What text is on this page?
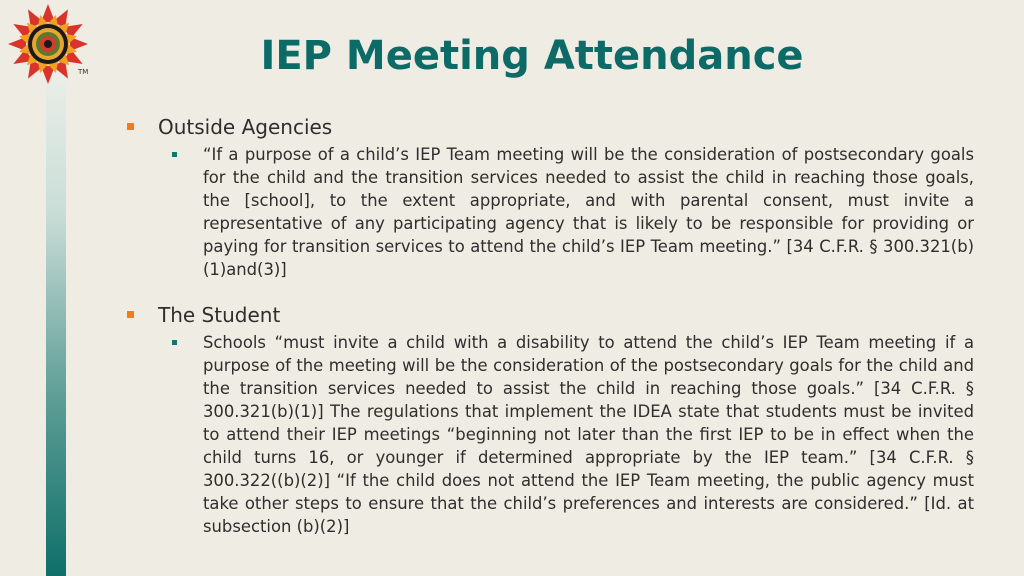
TM	IEP Meeting Attendance
Outside Agencies
“If a purpose of a child’s IEP Team meeting will be the consideration of postsecondary goals for the child and the transition services needed to assist the child in reaching those goals, the [school], to the extent appropriate, and with parental consent, must invite a representative of any participating agency that is likely to be responsible for providing or paying for transition services to attend the child’s IEP Team meeting.” [34 C.F.R. § 300.321(b)(1)and(3)]
The Student
Schools “must invite a child with a disability to attend the child’s IEP Team meeting if a purpose of the meeting will be the consideration of the postsecondary goals for the child and the transition services needed to assist the child in reaching those goals.” [34 C.F.R. § 300.321(b)(1)] The regulations that implement the IDEA state that students must be invited to attend their IEP meetings “beginning not later than the first IEP to be in effect when the child turns 16, or younger if determined appropriate by the IEP team.” [34 C.F.R. § 300.322((b)(2)] “If the child does not attend the IEP Team meeting, the public agency must take other steps to ensure that the child’s preferences and interests are considered.” [Id. at subsection (b)(2)]
